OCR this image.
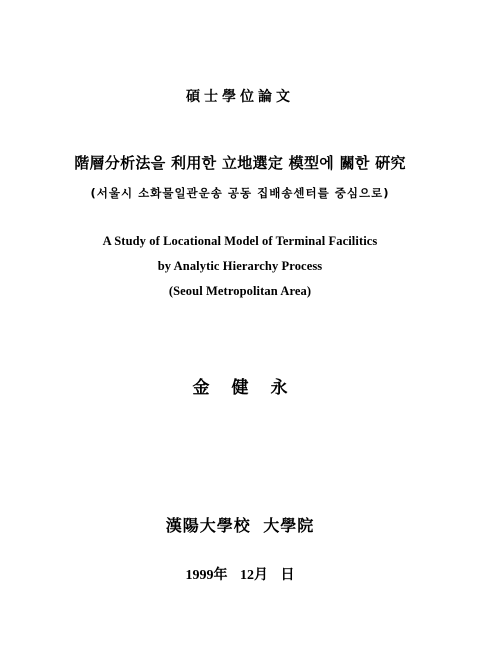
碩士學位論文
階層分析法을 利用한 立地選定 模型에 關한 硏究
(서울시 소화물일관운송 공동 집배송센터를 중심으로)
A Study of Locational Model of Terminal Facilitics
by Analytic Hierarchy Process
(Seoul Metropolitan Area)
金健永
漢陽大學校 大學院
1999年 12月 日
